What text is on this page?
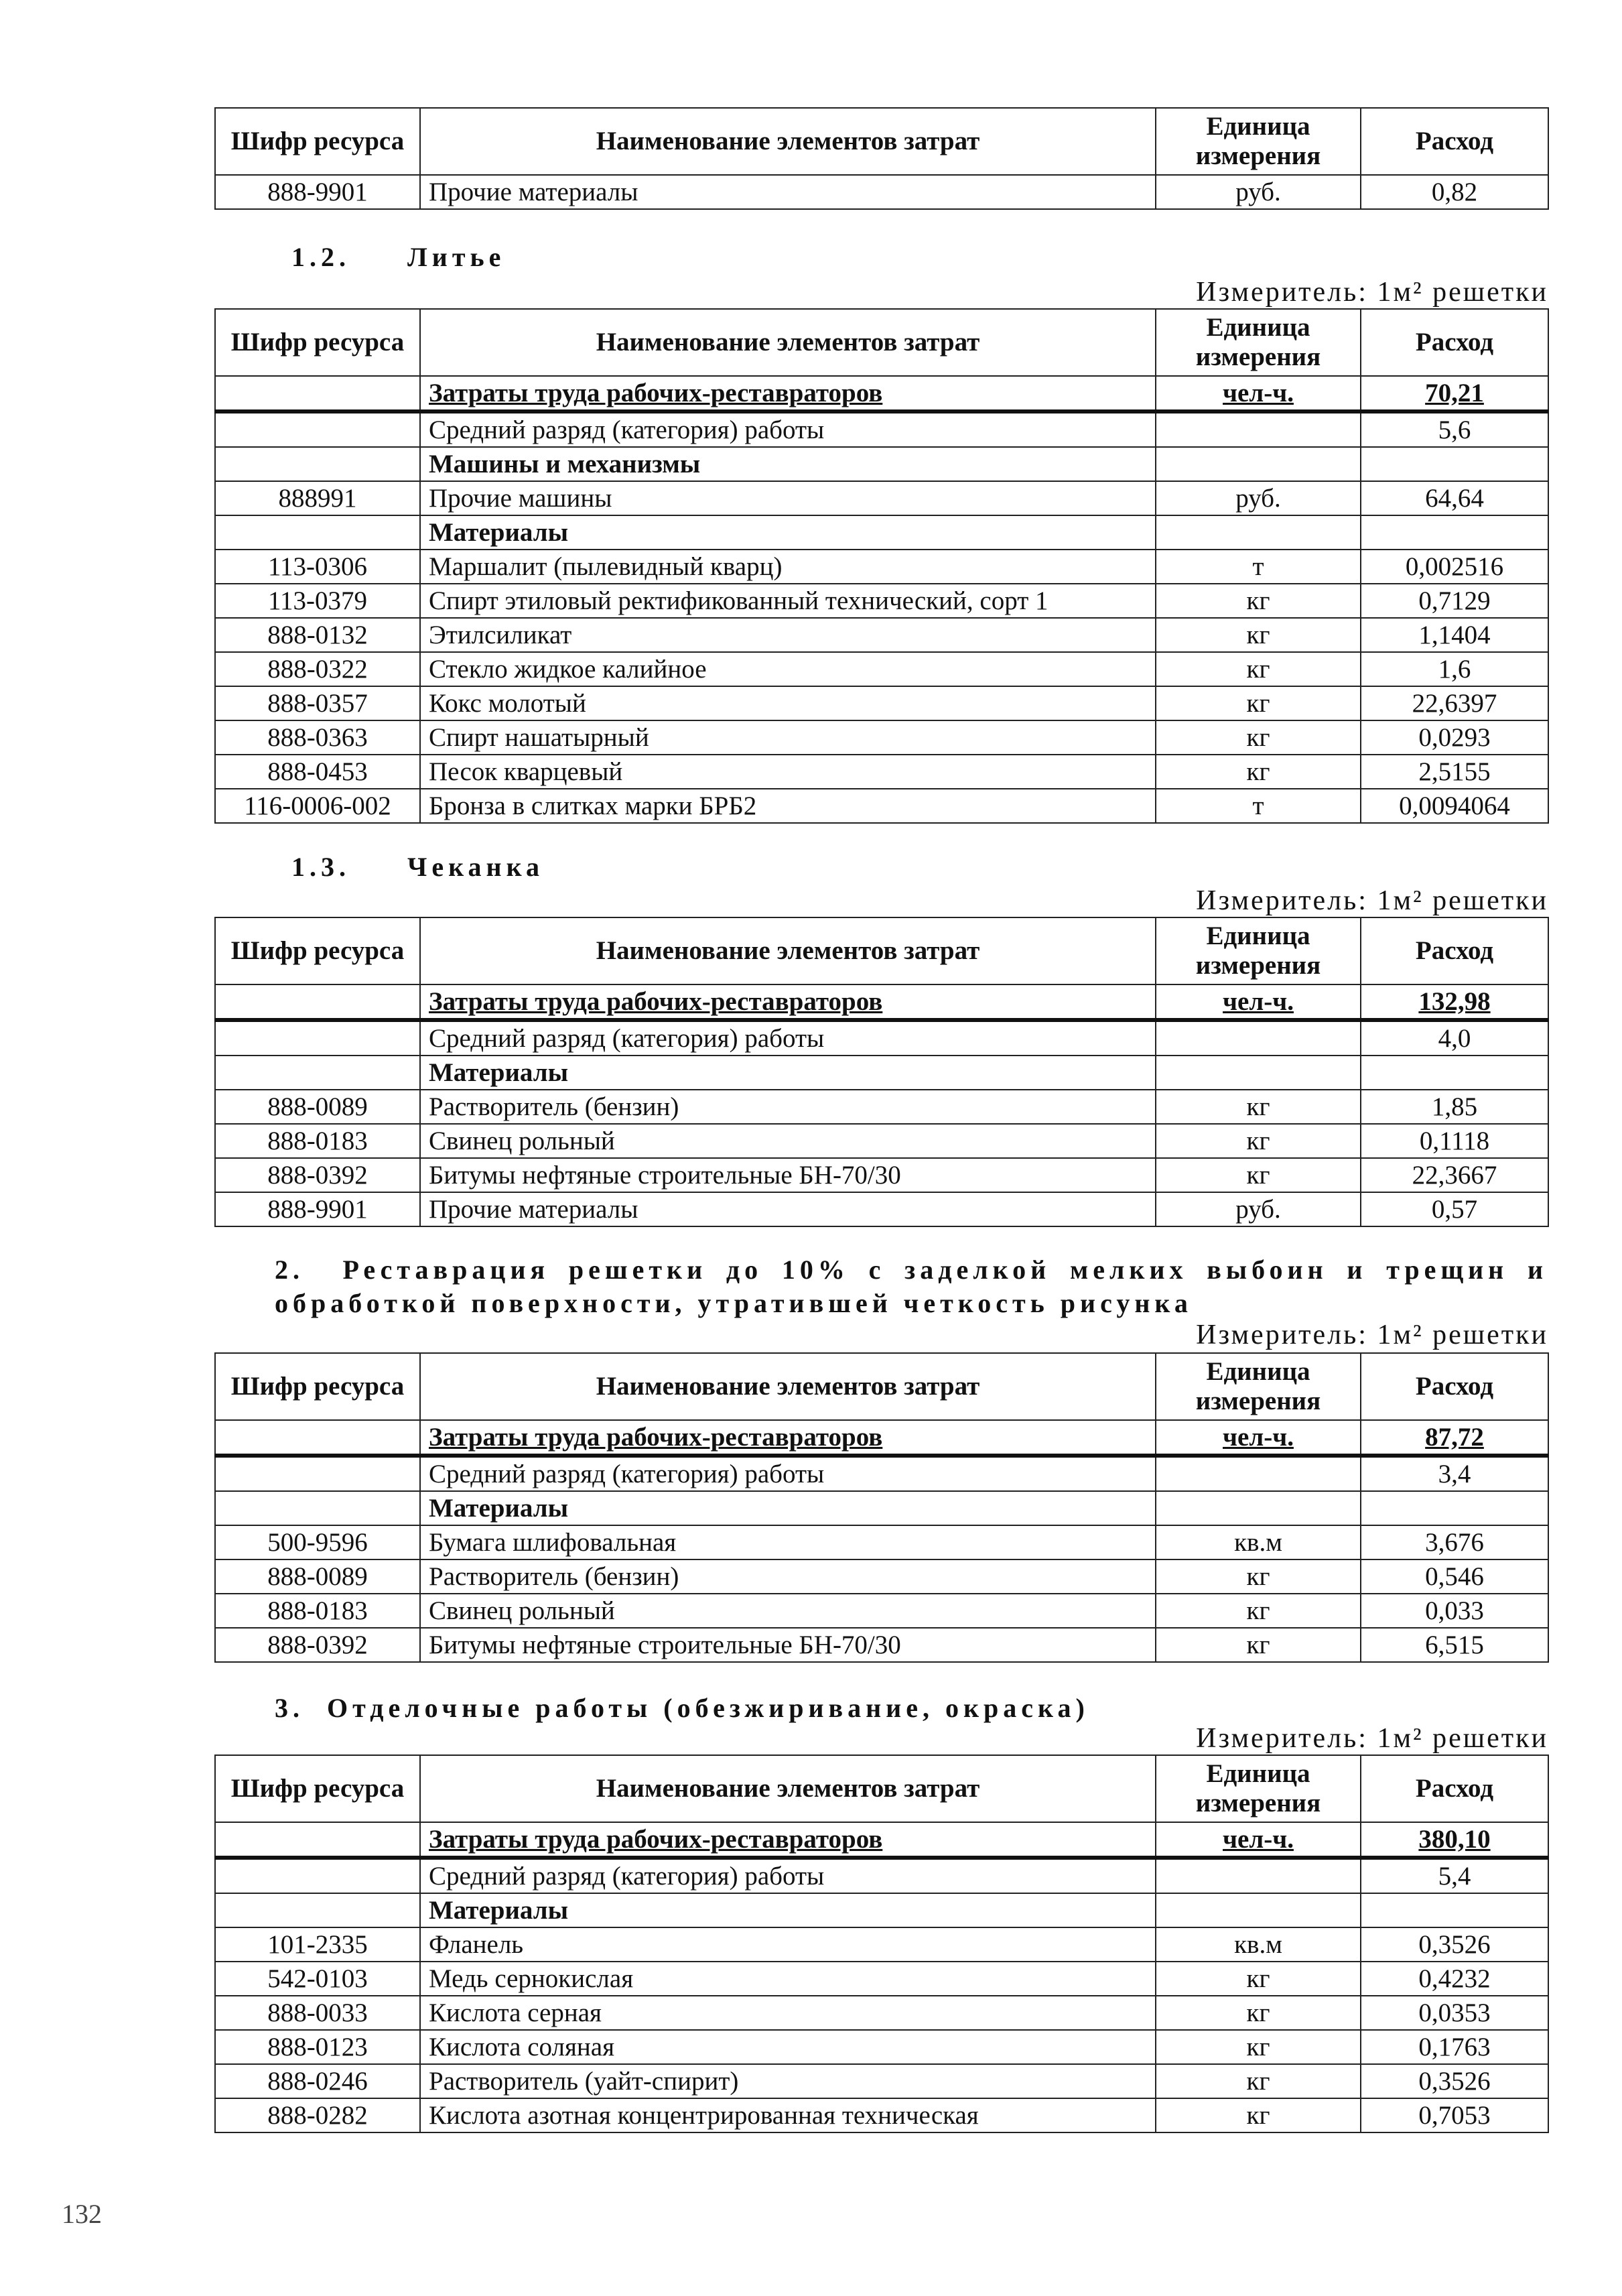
Шифр ресурса	Наименование элементов затрат	Единица измерения	Расход
888-9901	Прочие материалы	руб.	0,82
1.2. Литье
Измеритель: 1м² решетки
Шифр ресурса	Наименование элементов затрат	Единица измерения	Расход
	Затраты труда рабочих-реставраторов	чел-ч.	70,21
	Средний разряд (категория) работы		5,6
	Машины и механизмы		
888991	Прочие машины	руб.	64,64
	Материалы		
113-0306	Маршалит (пылевидный кварц)	т	0,002516
113-0379	Спирт этиловый ректификованный технический, сорт 1	кг	0,7129
888-0132	Этилсиликат	кг	1,1404
888-0322	Стекло жидкое калийное	кг	1,6
888-0357	Кокс молотый	кг	22,6397
888-0363	Спирт нашатырный	кг	0,0293
888-0453	Песок кварцевый	кг	2,5155
116-0006-002	Бронза в слитках марки БРБ2	т	0,0094064
1.3. Чеканка
Измеритель: 1м² решетки
Шифр ресурса	Наименование элементов затрат	Единица измерения	Расход
	Затраты труда рабочих-реставраторов	чел-ч.	132,98
	Средний разряд (категория) работы		4,0
	Материалы		
888-0089	Растворитель (бензин)	кг	1,85
888-0183	Свинец рольный	кг	0,1118
888-0392	Битумы нефтяные строительные БН-70/30	кг	22,3667
888-9901	Прочие материалы	руб.	0,57
2. Реставрация решетки до 10% с заделкой мелких выбоин и трещин и обработкой поверхности, утратившей четкость рисунка
Измеритель: 1м² решетки
Шифр ресурса	Наименование элементов затрат	Единица измерения	Расход
	Затраты труда рабочих-реставраторов	чел-ч.	87,72
	Средний разряд (категория) работы		3,4
	Материалы		
500-9596	Бумага шлифовальная	кв.м	3,676
888-0089	Растворитель (бензин)	кг	0,546
888-0183	Свинец рольный	кг	0,033
888-0392	Битумы нефтяные строительные БН-70/30	кг	6,515
3. Отделочные работы (обезжиривание, окраска)
Измеритель: 1м² решетки
Шифр ресурса	Наименование элементов затрат	Единица измерения	Расход
	Затраты труда рабочих-реставраторов	чел-ч.	380,10
	Средний разряд (категория) работы		5,4
	Материалы		
101-2335	Фланель	кв.м	0,3526
542-0103	Медь сернокислая	кг	0,4232
888-0033	Кислота серная	кг	0,0353
888-0123	Кислота соляная	кг	0,1763
888-0246	Растворитель (уайт-спирит)	кг	0,3526
888-0282	Кислота азотная концентрированная техническая	кг	0,7053
132
